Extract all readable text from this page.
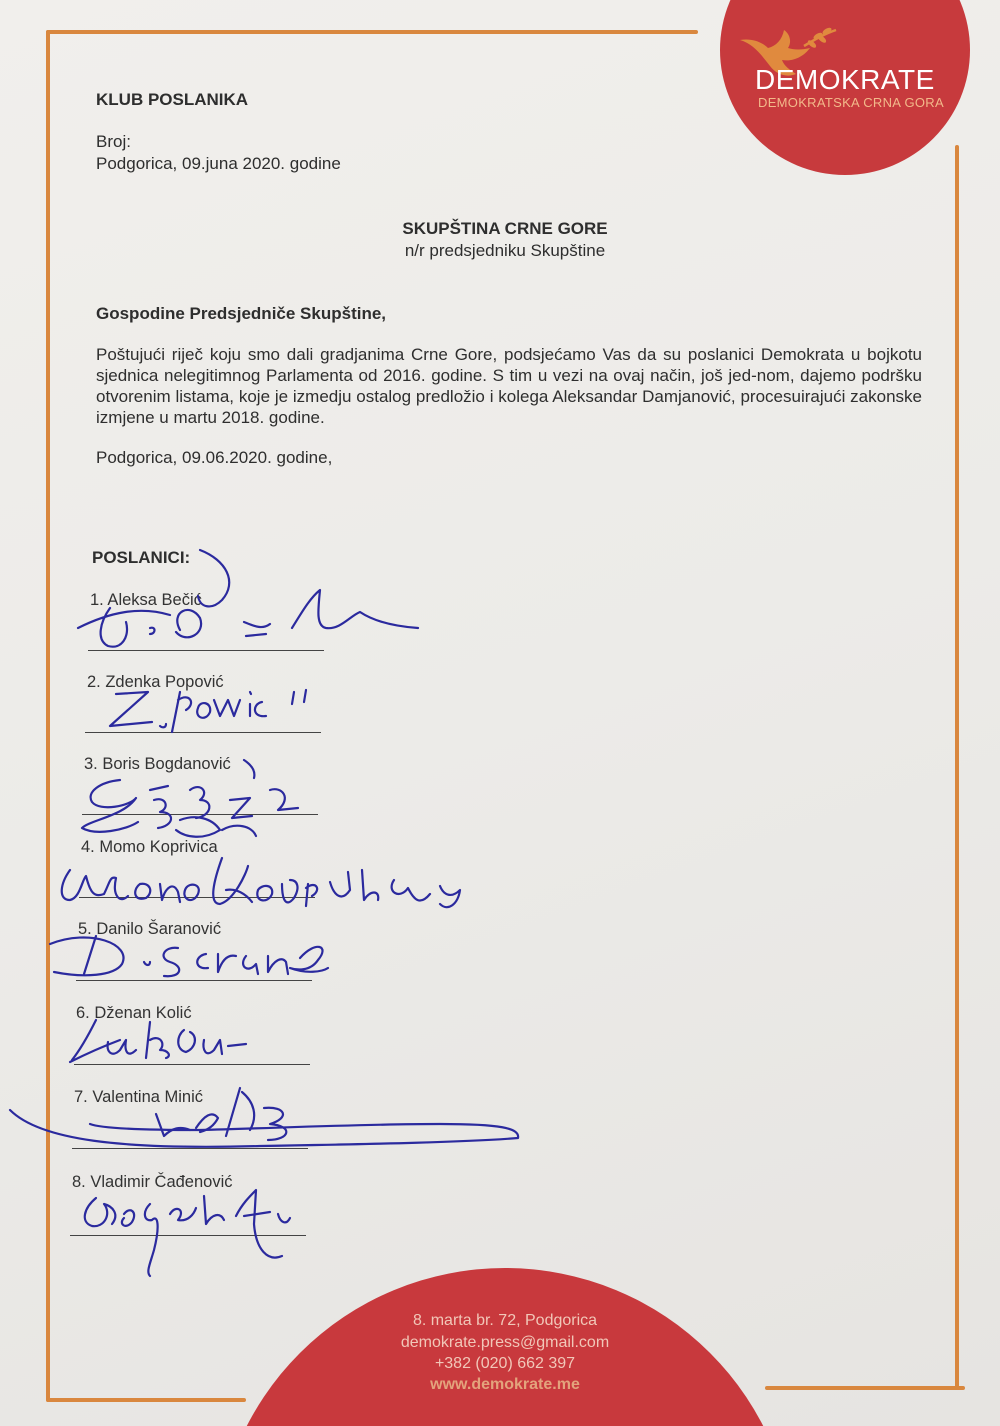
DEMOKRATE
DEMOKRATSKA CRNA GORA
KLUB POSLANIKA
Broj:
Podgorica, 09.juna 2020. godine
SKUPŠTINA CRNE GORE
n/r predsjedniku Skupštine
Gospodine Predsjedniče Skupštine,
Poštujući riječ koju smo dali gradjanima Crne Gore, podsjećamo Vas da su poslanici Demokrata u bojkotu sjednica nelegitimnog Parlamenta od 2016. godine. S tim u vezi na ovaj način, još jed-nom, dajemo podršku otvorenim listama, koje je izmedju ostalog predložio i kolega Aleksandar Damjanović, procesuirajući zakonske izmjene u martu 2018. godine.
Podgorica, 09.06.2020. godine,
POSLANICI:
1. Aleksa Bečić
2. Zdenka Popović
3. Boris Bogdanović
4. Momo Koprivica
5. Danilo Šaranović
6. Dženan Kolić
7. Valentina Minić
8. Vladimir Čađenović
8. marta br. 72, Podgorica
demokrate.press@gmail.com
+382 (020) 662 397
www.demokrate.me
